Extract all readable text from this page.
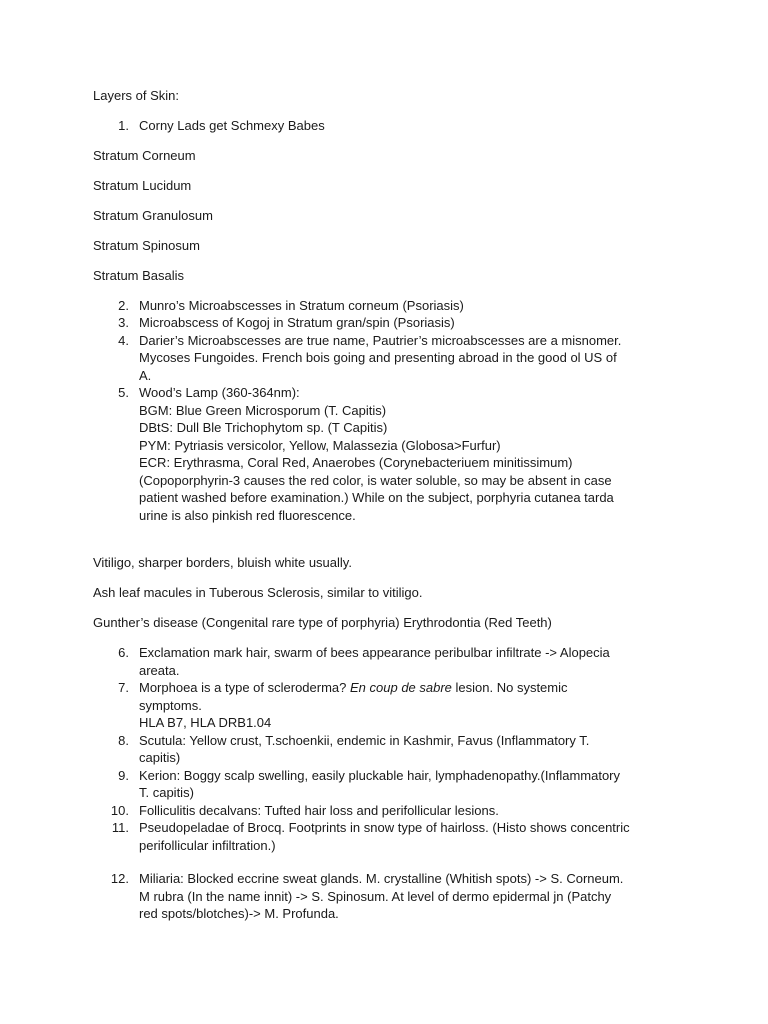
Layers of Skin:

1. Corny Lads get Schmexy Babes

Stratum Corneum

Stratum Lucidum

Stratum Granulosum

Stratum Spinosum

Stratum Basalis

2. Munro’s Microabscesses in Stratum corneum (Psoriasis)
3. Microabscess of Kogoj in Stratum gran/spin (Psoriasis)
4. Darier’s Microabscesses are true name, Pautrier’s microabscesses are a misnomer.
Mycoses Fungoides. French bois going and presenting abroad in the good ol US of
A.
5. Wood’s Lamp (360-364nm):
BGM: Blue Green Microsporum (T. Capitis)
DBtS: Dull Ble Trichophytom sp. (T Capitis)
PYM: Pytriasis versicolor, Yellow, Malassezia (Globosa>Furfur)
ECR: Erythrasma, Coral Red, Anaerobes (Corynebacteriuem minitissimum)
(Copoporphyrin-3 causes the red color, is water soluble, so may be absent in case
patient washed before examination.) While on the subject, porphyria cutanea tarda
urine is also pinkish red fluorescence.

Vitiligo, sharper borders, bluish white usually.

Ash leaf macules in Tuberous Sclerosis, similar to vitiligo.

Gunther’s disease (Congenital rare type of porphyria) Erythrodontia (Red Teeth)

6. Exclamation mark hair, swarm of bees appearance peribulbar infiltrate -> Alopecia
areata.
7. Morphoea is a type of scleroderma? En coup de sabre lesion. No systemic
symptoms.
HLA B7, HLA DRB1.04
8. Scutula: Yellow crust, T.schoenkii, endemic in Kashmir, Favus (Inflammatory T.
capitis)
9. Kerion: Boggy scalp swelling, easily pluckable hair, lymphadenopathy.(Inflammatory
T. capitis)
10. Folliculitis decalvans: Tufted hair loss and perifollicular lesions.
11. Pseudopeladae of Brocq. Footprints in snow type of hairloss. (Histo shows concentric
perifollicular infiltration.)
12. Miliaria: Blocked eccrine sweat glands. M. crystalline (Whitish spots) -> S. Corneum.
M rubra (In the name innit) -> S. Spinosum. At level of dermo epidermal jn (Patchy
red spots/blotches)-> M. Profunda.
